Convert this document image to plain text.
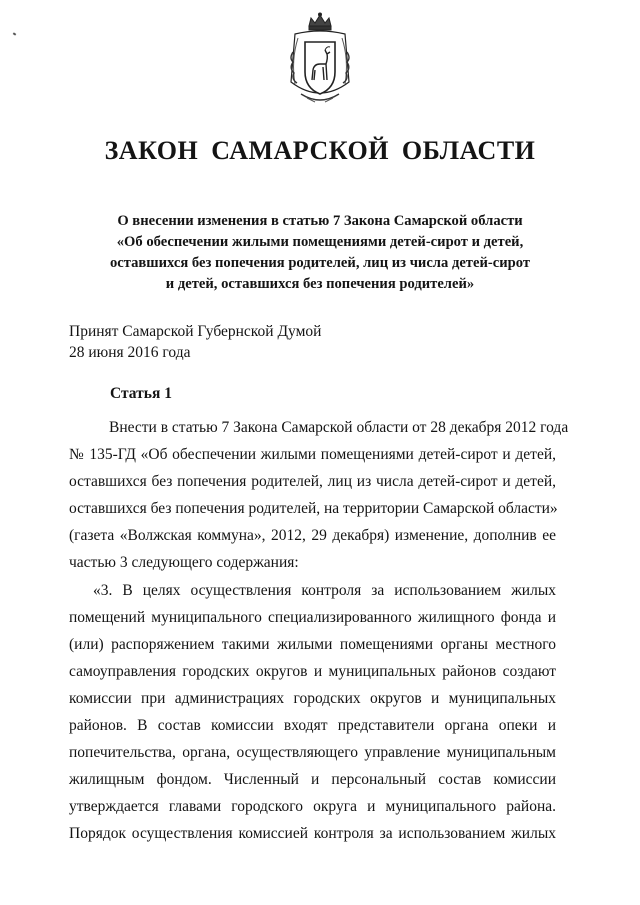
ЗАКОН САМАРСКОЙ ОБЛАСТИ
О внесении изменения в статью 7 Закона Самарской области
«Об обеспечении жилыми помещениями детей-сирот и детей,
оставшихся без попечения родителей, лиц из числа детей-сирот
и детей, оставшихся без попечения родителей»
Принят Самарской Губернской Думой
28 июня 2016 года
Статья 1
Внести в статью 7 Закона Самарской области от 28 декабря 2012 года
№ 135-ГД «Об обеспечении жилыми помещениями детей-сирот и детей,
оставшихся без попечения родителей, лиц из числа детей-сирот и детей,
оставшихся без попечения родителей, на территории Самарской области»
(газета «Волжская коммуна», 2012, 29 декабря) изменение, дополнив ее
частью 3 следующего содержания:
«3. В целях осуществления контроля за использованием жилых
помещений муниципального специализированного жилищного фонда и
(или) распоряжением такими жилыми помещениями органы местного
самоуправления городских округов и муниципальных районов создают
комиссии при администрациях городских округов и муниципальных
районов. В состав комиссии входят представители органа опеки и
попечительства, органа, осуществляющего управление муниципальным
жилищным фондом. Численный и персональный состав комиссии
утверждается главами городского округа и муниципального района.
Порядок осуществления комиссией контроля за использованием жилых
